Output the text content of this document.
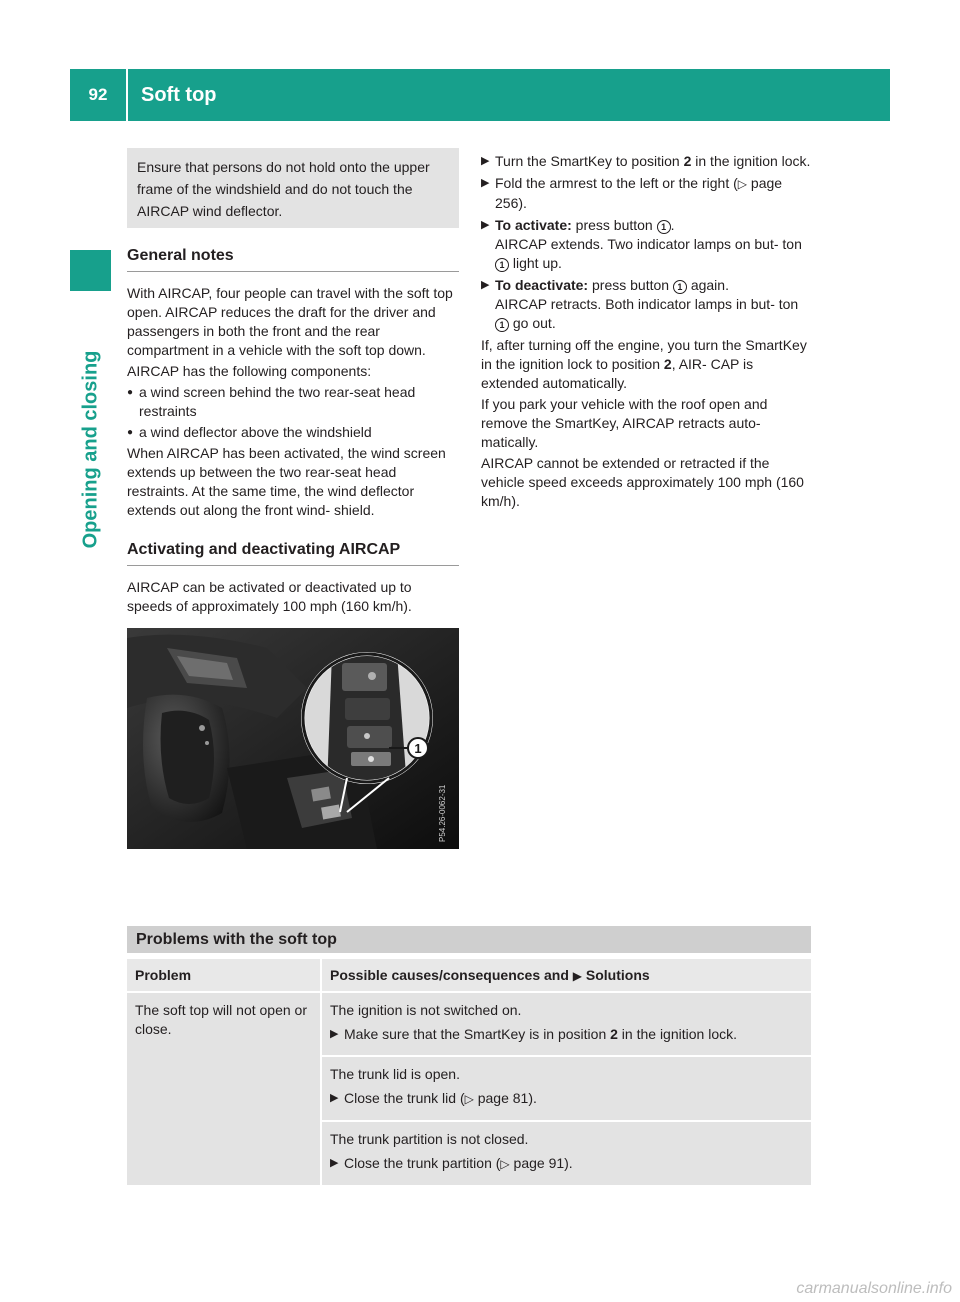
92	Soft top
Opening and closing
Ensure that persons do not hold onto the upper frame of the windshield and do not touch the AIRCAP wind deflector.
General notes

With AIRCAP, four people can travel with the soft top open. AIRCAP reduces the draft for the driver and passengers in both the front and the rear compartment in a vehicle with the soft top down.

AIRCAP has the following components:

● a wind screen behind the two rear-seat head restraints
● a wind deflector above the windshield

When AIRCAP has been activated, the wind screen extends up between the two rear-seat head restraints. At the same time, the wind deflector extends out along the front wind- shield.

Activating and deactivating AIRCAP

AIRCAP can be activated or deactivated up to speeds of approximately 100 mph (160 km/h).

1
P54.26-0062-31
▶
Turn the SmartKey to position 2 in the ignition lock.
▶
Fold the armrest to the left or the right (▷ page 256).
▶
To activate: press button 1 .
AIRCAP extends. Two indicator lamps on but- ton 1 light up.
▶
To deactivate: press button 1 again.
AIRCAP retracts. Both indicator lamps in but- ton 1 go out.

If, after turning off the engine, you turn the SmartKey in the ignition lock to position 2, AIR- CAP is extended automatically.

If you park your vehicle with the roof open and remove the SmartKey, AIRCAP retracts auto- matically.

AIRCAP cannot be extended or retracted if the vehicle speed exceeds approximately 100 mph (160 km/h).

Problems with the soft top
Problem	Possible causes/consequences and ▶ Solutions
The soft top will not open or close.
The ignition is not switched on.
▶
Make sure that the SmartKey is in position 2 in the ignition lock.
The trunk lid is open.
▶
Close the trunk lid (▷ page 81).
The trunk partition is not closed.
▶
Close the trunk partition (▷ page 91).
carmanualsonline.info
